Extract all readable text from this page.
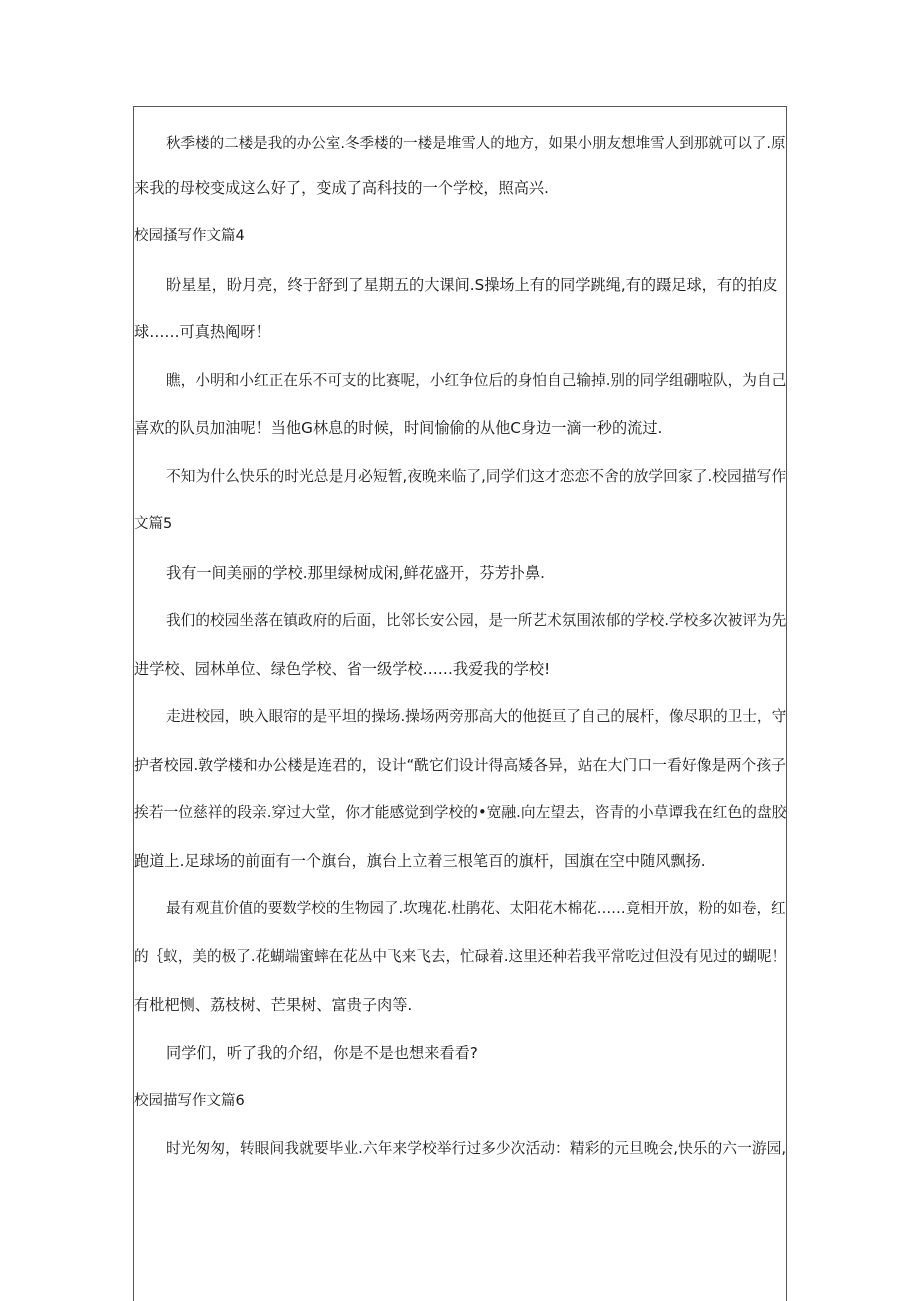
秋季楼的二楼是我的办公室.冬季楼的一楼是堆雪人的地方，如果小朋友想堆雪人到那就可以了.原
来我的母校变成这么好了，变成了高科技的一个学校，照高兴.
校园搔写作文篇4
盼星星，盼月亮，终于舒到了星期五的大课间.S操场上有的同学跳绳,有的蹑足球，有的拍皮
球……可真热阄呀！
瞧，小明和小红正在乐不可支的比赛呢，小红争位后的身怕自己输掉.别的同学组硼啦队，为自己
喜欢的队员加油呢！当他G林息的时候，时间愉偷的从他C身边一滴一秒的流过.
不知为什么快乐的时光总是月必短暂,夜晚来临了,同学们这才恋恋不舍的放学回家了.校园描写作
文篇5
我有一间美丽的学校.那里绿树成闲,鲜花盛开，芬芳扑鼻.
我们的校园坐落在镇政府的后面，比邻长安公园，是一所艺术氛围浓郁的学校.学校多次被评为先
进学校、园林单位、绿色学校、省一级学校……我爱我的学校!
走进校园，映入眼帘的是平坦的操场.操场两旁那高大的他挺亘了自己的展杆，像尽职的卫士，守
护者校园.敦学楼和办公楼是连君的，设计“酰它们设计得高矮各异，站在大门口一看好像是两个孩子
挨若一位慈祥的段亲.穿过大堂，你才能感觉到学校的•宽融.向左望去，咨青的小草谭我在红色的盘胶
跑道上.足球场的前面有一个旗台，旗台上立着三根笔百的旗杆，国旗在空中随风飘扬.
最有观苴价值的要数学校的生物园了.坎瑰花.杜鹃花、太阳花木棉花……竟相开放，粉的如卷，红
的｛蚁，美的极了.花蝴端蜜蟀在花丛中飞来飞去，忙碌着.这里还种若我平常吃过但没有见过的蝴呢！
有枇杷恻、荔枝树、芒果树、富贵子肉等.
同学们，听了我的介绍，你是不是也想来看看?
校园描写作文篇6
时光匆匆，转眼间我就要毕业.六年来学校举行过多少次活动：精彩的元旦晚会,快乐的六一游园,
